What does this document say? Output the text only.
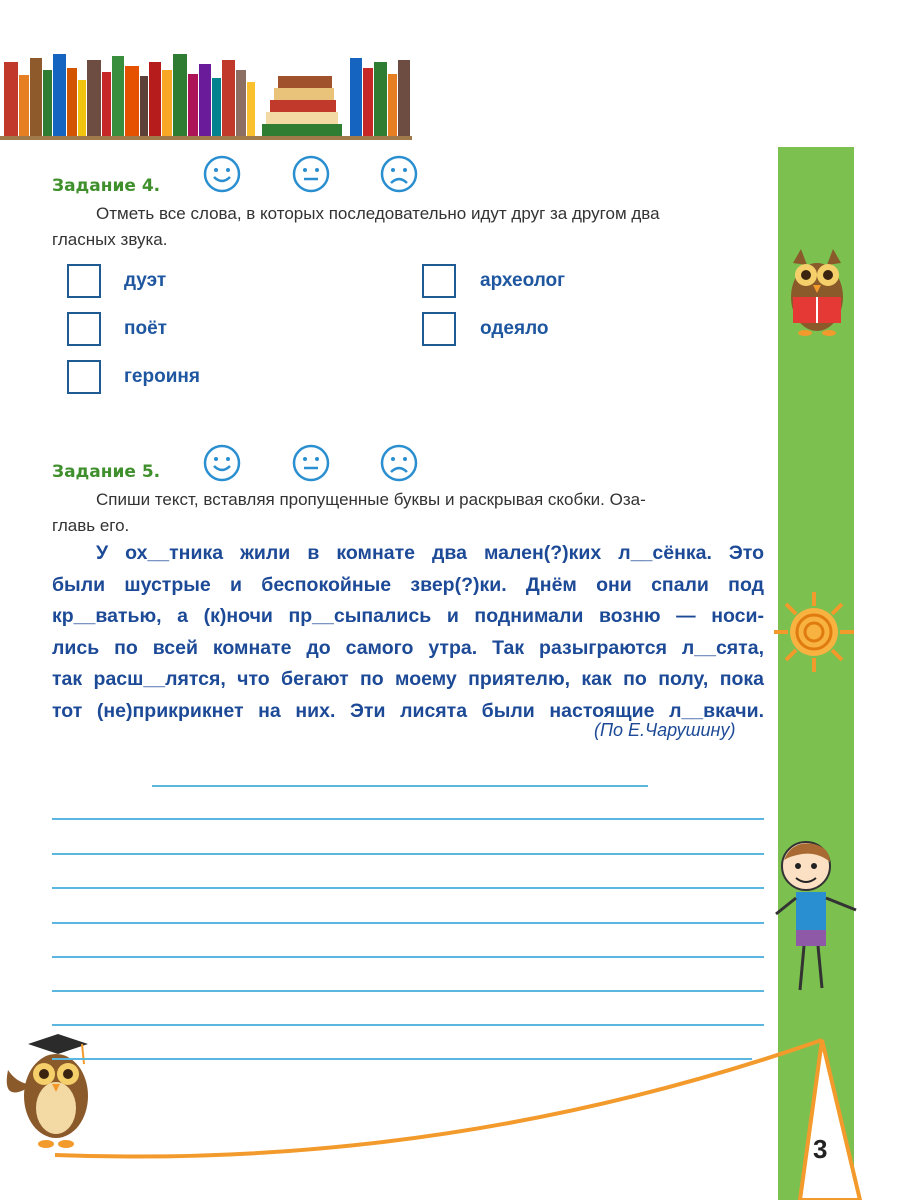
Задание 4.
Отметь все слова, в которых последовательно идут друг за другом два
гласных звука.
дуэт	археолог
поёт	одеяло
героиня
Задание 5.
Спиши текст, вставляя пропущенные буквы и раскрывая скобки. Оза-
главь его.
У ох__тника жили в комнате два мален(?)ких л__сёнка. Это
были шустрые и беспокойные звер(?)ки. Днём они спали под
кр__ватью, а (к)ночи пр__сыпались и поднимали возню — носи-
лись по всей комнате до самого утра. Так разыграются л__сята,
так расш__лятся, что бегают по моему приятелю, как по полу, пока
тот (не)прикрикнет на них. Эти лисята были настоящие л__вкачи.
(По Е.Чарушину)
3
